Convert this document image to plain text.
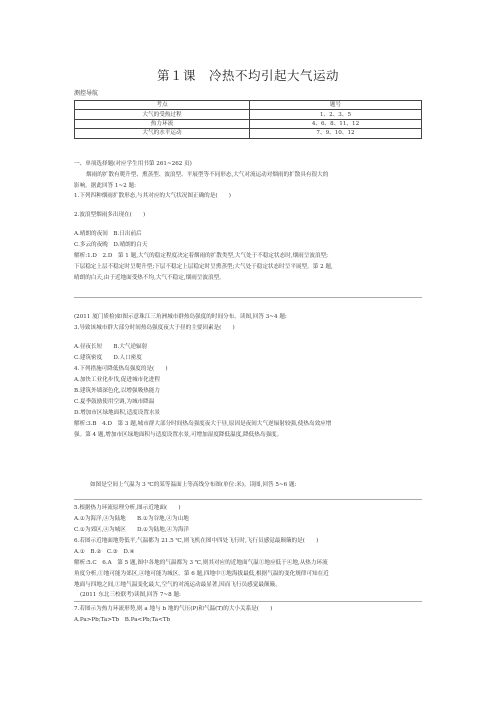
第１课　冷热不均引起大气运动
测控导航
考点	题号
大气的受热过程	1、2、3、5
热力环流	4、6、8、11、12
大气的水平运动	7、9、10、12
一、单项选择题(对应学生用书第 261~262 页)
烟雨的扩散有爬升型、熏蒸型、波浪型、平展型等不同形态,大气对流运动对烟雨的扩散具有很大的
影响。据此回答 1~2 题:
1.下列四种烟雨扩散形态,与其对应的大气状况图正确的是(　　)
2.波浪型烟雨多出现在(　　)
A.晴朗的夜间　B.日出前后
C.多云的夜晚　D.晴朗的白天
解析:1.D　2.D　第 1 题,大气的稳定程度决定着烟雨的扩散类型,大气处于不稳定状态时,烟雨呈波浪型;
下层稳定上层不稳定时呈爬升型;下层不稳定上层稳定时呈熏蒸型;大气处于稳定状态时呈平展型。第 2 题,
晴朗的白天,由于近地面受热不均,大气不稳定,烟雨呈波浪型。
(2011 厦门质检)如图示意珠江三角洲城市群热岛强度的时间分布。读图,回答 3~4 题:
3.导致该城市群大部分时间热岛强度夜大于昼的主要因素是(　　)
A.昼夜长短　　B.大气逆辐射
C.建筑密度　　D.人口密度
4.下列措施可降低热岛强度的是(　　)
A.加快工业化步伐,促进城市化进程
B.建筑外墙深色化,以增强吸热能力
C.夏季鼓励使用空调,为城市降温
D.增加市区绿地面积,适度设置水景
解析:3.B　4.D　第 3 题,城市群大部分时间热岛强度夜大于昼,原因是夜间大气逆辐射较强,使热岛效应增
强。第 4 题,增加市区绿地面积与适度设置水景,可增加湿度降低温度,降低热岛强度。
如图是空间上气温为 3 ℃的某等温面上等高线分布图(单位:米)。读图,回答 5~6 题:
5.根据热力环流原理分析,图示近地面(　　)
A.①为海洋,④为陆地　　B.①为谷地,④为山地
C.①为郊区,④为城区　　D.①为陆地,④为海洋
6.若图示近地面地势低平,气温都为 21.5 ℃,则飞机在图中四处飞行时,飞行员感觉最颠簸的是(　　)
A.①　B.②　C.③　D.④
解析:5.C　6.A　第 5 题,图中各地的气温都为 3 ℃,则其对应的近地面气温①地应低于④地,从热力环流
角度分析,①地可能为郊区,④地可能为城区。第 6 题,四地中①地海拔最低,根据气温的变化规律可知在近
地面与四地之间,①地气温变化最大,空气的对流运动最显著,因而飞行员感觉最颠簸。
(2011 东北三校联考)读图,回答 7~8 题:
7.若图示为热力环流形势,则 a 地与 b 地的气压(P)和气温(T)的大小关系是(　　)
A.Pa>Pb;Ta>Tb　B.Pa<Pb;Ta<Tb
